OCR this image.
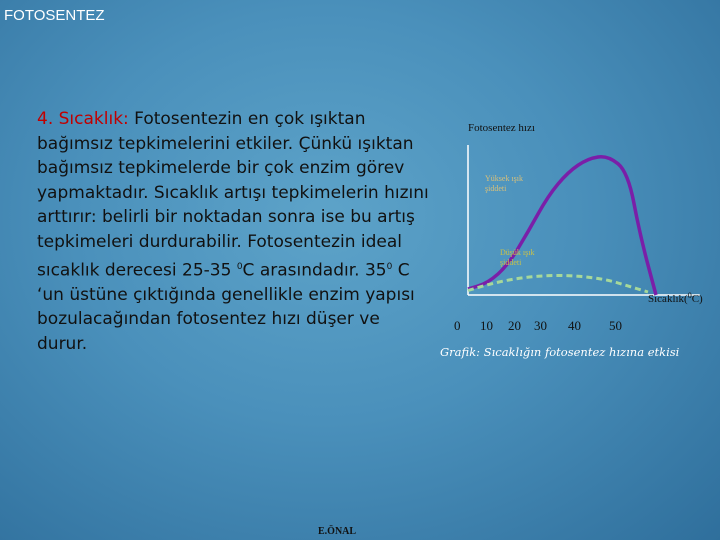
FOTOSENTEZ
4. Sıcaklık: Fotosentezin en çok ışıktan bağımsız tepkimelerini etkiler. Çünkü ışıktan bağımsız tepkimelerde bir çok enzim görev yapmaktadır. Sıcaklık artışı tepkimelerin hızını arttırır: belirli bir noktadan sonra ise bu artış tepkimeleri durdurabilir. Fotosentezin ideal sıcaklık derecesi 25-35 $^0$C arasındadır. $35^0$ C ‘un üstüne çıktığında genellikle enzim yapısı bozulacağından fotosentez hızı düşer ve durur.
Fotosentez hızı
Sıcaklık($^0$C)
0 10 20 30 40 50
Yüksek ışık
şiddeti
Düşük ışık
şiddeti
Grafik: Sıcaklığın fotosentez hızına etkisi
E.ÖNAL
